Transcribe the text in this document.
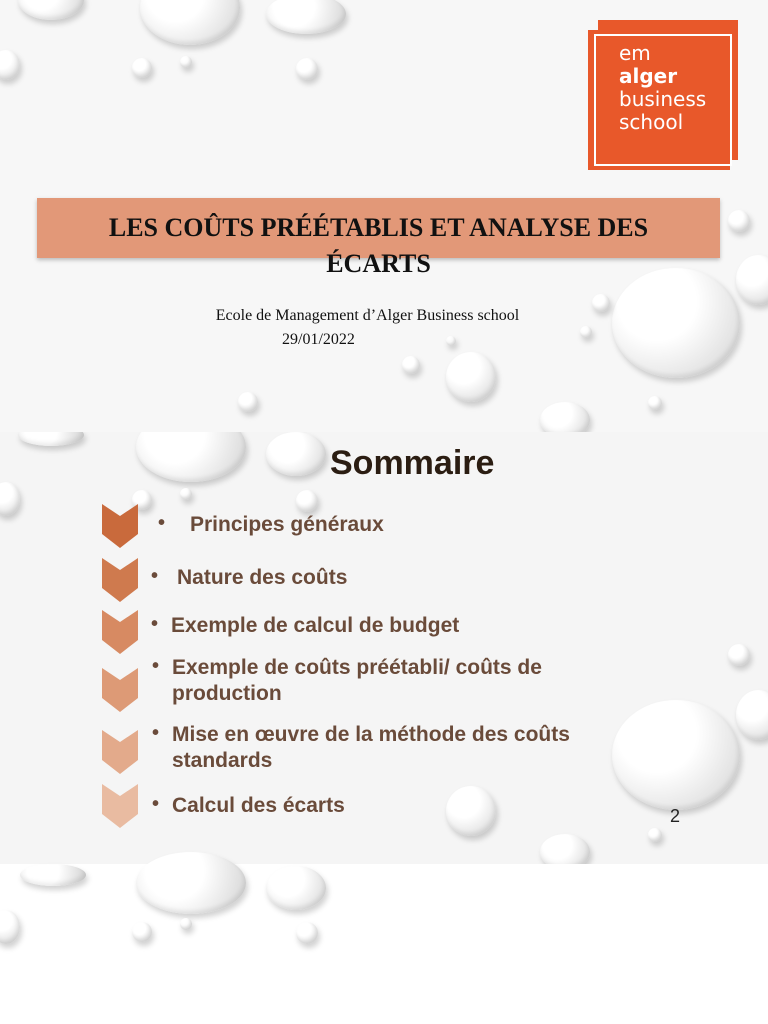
em
alger
business
school
LES COÛTS PRÉÉTABLIS ET ANALYSE DES
ÉCARTS
Ecole de Management d’Alger Business school
29/01/2022
Sommaire
• Principes généraux
• Nature des coûts
• Exemple de calcul de budget
• Exemple de coûts préétabli/ coûts de
production
• Mise en œuvre de la méthode des coûts
standards
• Calcul des écarts	2
